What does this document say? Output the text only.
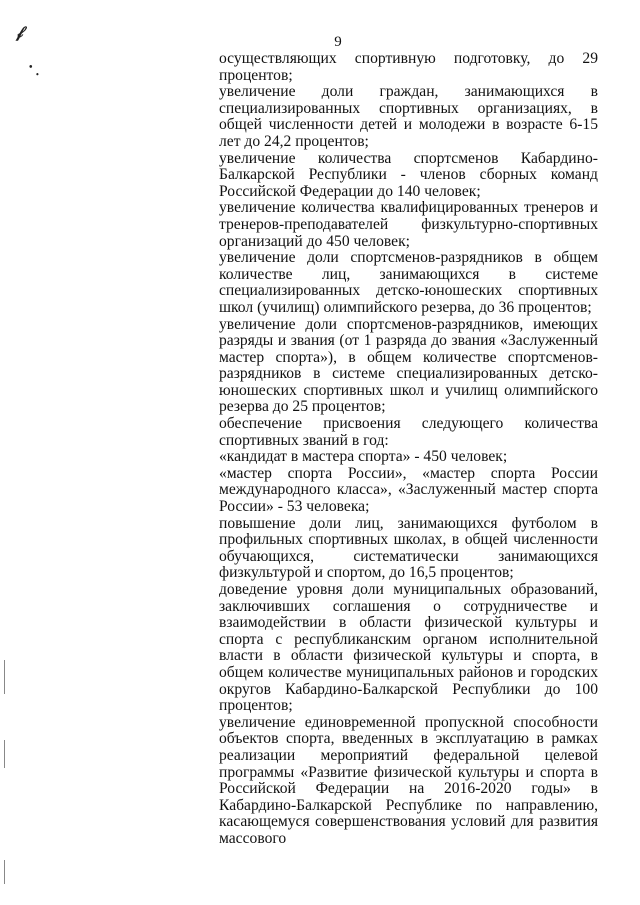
𝒻
•
•
9

осуществляющих спортивную подготовку, до 29 процентов;

увеличение доли граждан, занимающихся в специализированных спортивных организациях, в общей численности детей и молодежи в возрасте 6-15 лет до 24,2 процентов;

увеличение количества спортсменов Кабардино-Балкарской Республики - членов сборных команд Российской Федерации до 140 человек;

увеличение количества квалифицированных тренеров и тренеров-преподавателей физкультурно-спортивных организаций до 450 человек;

увеличение доли спортсменов-разрядников в общем количестве лиц, занимающихся в системе специализированных детско-юношеских спортивных школ (училищ) олимпийского резерва, до 36 процентов;

увеличение доли спортсменов-разрядников, имеющих разряды и звания (от 1 разряда до звания «Заслуженный мастер спорта»), в общем количестве спортсменов-разрядников в системе специализированных детско-юношеских спортивных школ и училищ олимпийского резерва до 25 процентов;

обеспечение присвоения следующего количества спортивных званий в год:

«кандидат в мастера спорта» - 450 человек;

«мастер спорта России», «мастер спорта России международного класса», «Заслуженный мастер спорта России» - 53 человека;

повышение доли лиц, занимающихся футболом в профильных спортивных школах, в общей численности обучающихся, систематически занимающихся физкультурой и спортом, до 16,5 процентов;

доведение уровня доли муниципальных образований, заключивших соглашения о сотрудничестве и взаимодействии в области физической культуры и спорта с республиканским органом исполнительной власти в области физической культуры и спорта, в общем количестве муниципальных районов и городских округов Кабардино-Балкарской Республики до 100 процентов;

увеличение единовременной пропускной способности объектов спорта, введенных в эксплуатацию в рамках реализации мероприятий федеральной целевой программы «Развитие физической культуры и спорта в Российской Федерации на 2016-2020 годы» в Кабардино-Балкарской Республике по направлению, касающемуся совершенствования условий для развития массового
